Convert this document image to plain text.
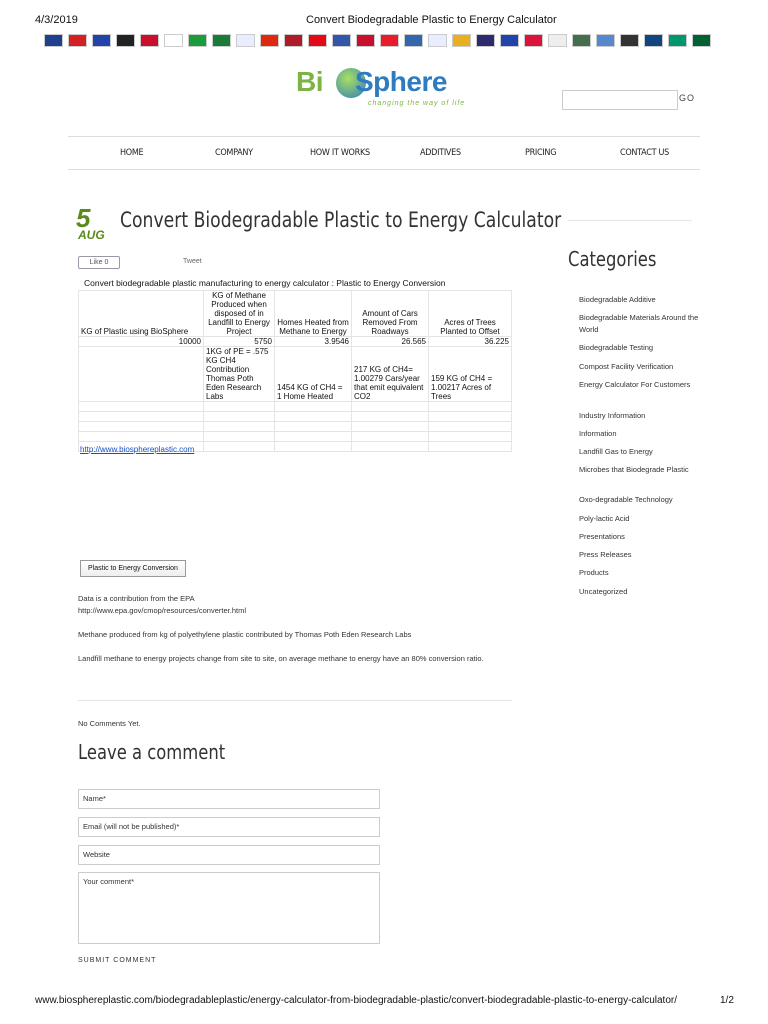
4/3/2019	Convert Biodegradable Plastic to Energy Calculator
Bi Sphere
changing the way of life
GO
HOME	COMPANY	HOW IT WORKS	ADDITIVES	PRICING	CONTACT US
5
AUG
Convert Biodegradable Plastic to Energy Calculator
Like 0	Tweet
Convert biodegradable plastic manufacturing to energy calculator : Plastic to Energy Conversion
KG of Plastic using BioSphere	KG of Methane Produced when disposed of in Landfill to Energy Project	Homes Heated from Methane to Energy	Amount of Cars Removed From Roadways	Acres of Trees Planted to Offset
10000	5750	3.9546	26.565	36.225
	1KG of PE = .575 KG CH4 Contribution Thomas Poth Eden Research Labs	1454 KG of CH4 = 1 Home Heated	217 KG of CH4= 1.00279 Cars/year that emit equivalent CO2	159 KG of CH4 = 1.00217 Acres of Trees

http://www.biosphereplastic.com
Plastic to Energy Conversion
Data is a contribution from the EPA
http://www.epa.gov/cmop/resources/converter.html
Methane produced from kg of polyethylene plastic contributed by Thomas Poth Eden Research Labs
Landfill methane to energy projects change from site to site, on average methane to energy have an 80% conversion ratio.
No Comments Yet.
Leave a comment
Name*
Email (will not be published)*
Website
Your comment*
SUBMIT COMMENT
Categories
Biodegradable Additive
Biodegradable Materials Around the World
Biodegradable Testing
Compost Facility Verification
Energy Calculator For Customers
Industry Information
Information
Landfill Gas to Energy
Microbes that Biodegrade Plastic
Oxo-degradable Technology
Poly-lactic Acid
Presentations
Press Releases
Products
Uncategorized
www.biosphereplastic.com/biodegradableplastic/energy-calculator-from-biodegradable-plastic/convert-biodegradable-plastic-to-energy-calculator/	1/2
